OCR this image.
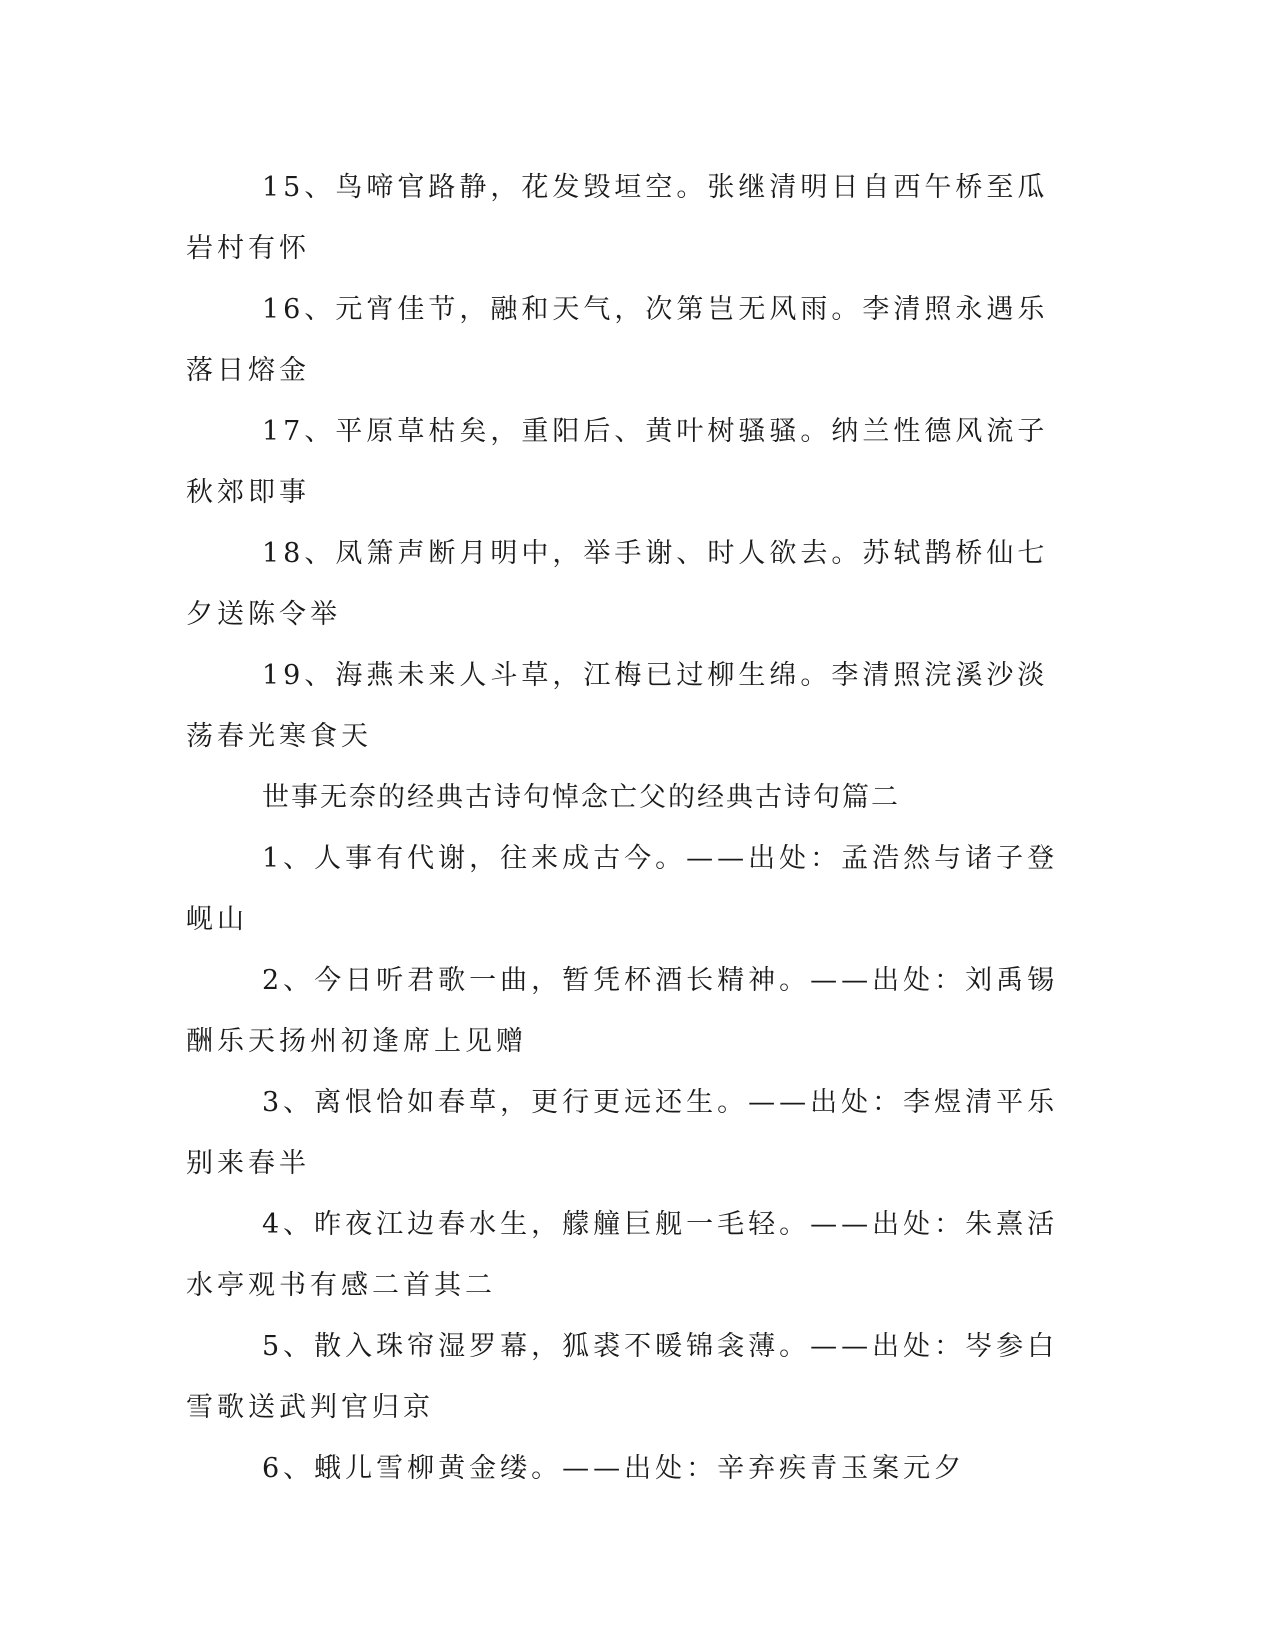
15、鸟啼官路静，花发毁垣空。张继清明日自西午桥至瓜岩村有怀

16、元宵佳节，融和天气，次第岂无风雨。李清照永遇乐落日熔金

17、平原草枯矣，重阳后、黄叶树骚骚。纳兰性德风流子秋郊即事

18、凤箫声断月明中，举手谢、时人欲去。苏轼鹊桥仙七夕送陈令举

19、海燕未来人斗草，江梅已过柳生绵。李清照浣溪沙淡荡春光寒食天

世事无奈的经典古诗句悼念亡父的经典古诗句篇二

1、人事有代谢，往来成古今。——出处：孟浩然与诸子登岘山

2、今日听君歌一曲，暂凭杯酒长精神。——出处：刘禹锡酬乐天扬州初逢席上见赠

3、离恨恰如春草，更行更远还生。——出处：李煜清平乐别来春半

4、昨夜江边春水生，艨艟巨舰一毛轻。——出处：朱熹活水亭观书有感二首其二

5、散入珠帘湿罗幕，狐裘不暖锦衾薄。——出处：岑参白雪歌送武判官归京

6、蛾儿雪柳黄金缕。——出处：辛弃疾青玉案元夕
